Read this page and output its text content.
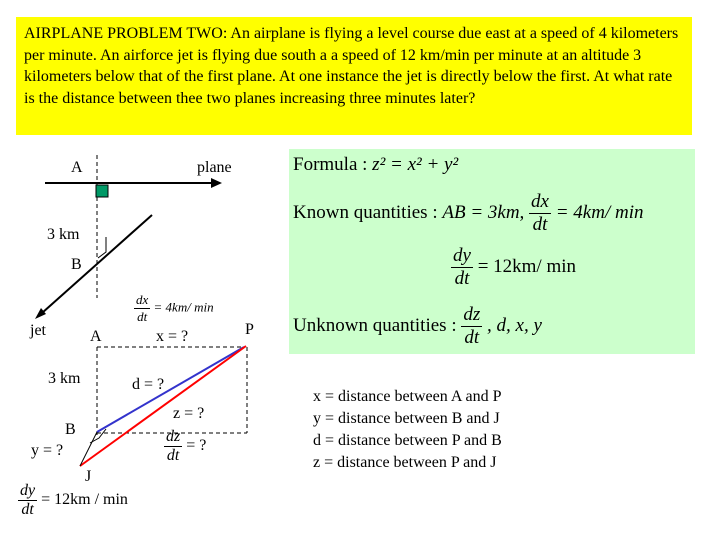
AIRPLANE PROBLEM TWO: An airplane is flying a level course due east at a speed of 4 kilometers per minute. An airforce jet is flying due south a a speed of 12 km/min per minute at an altitude 3 kilometers below that of the first plane. At one instance the jet is directly below the first. At what rate is the distance between thee two planes increasing three minutes later?
A	plane
3 km
B
jet	A
$\frac{dx}{dt} = 4km/$ min
x = ?	P
3 km	d = ?
z = ?
B
y = ?	$\frac{dz}{dt}$ = ?
J
$\frac{dy}{dt} = 12km / \min$
Formula : z² = x² + y²
Known quantities : AB = 3km, $\frac{dx}{dt} = 4km/$ min
$\frac{dy}{dt} = 12km/$ min
Unknown quantities : $\frac{dz}{dt}$ , d, x, y
x = distance between A and P
y = distance between B and J
d = distance between P and B
z = distance between P and J
